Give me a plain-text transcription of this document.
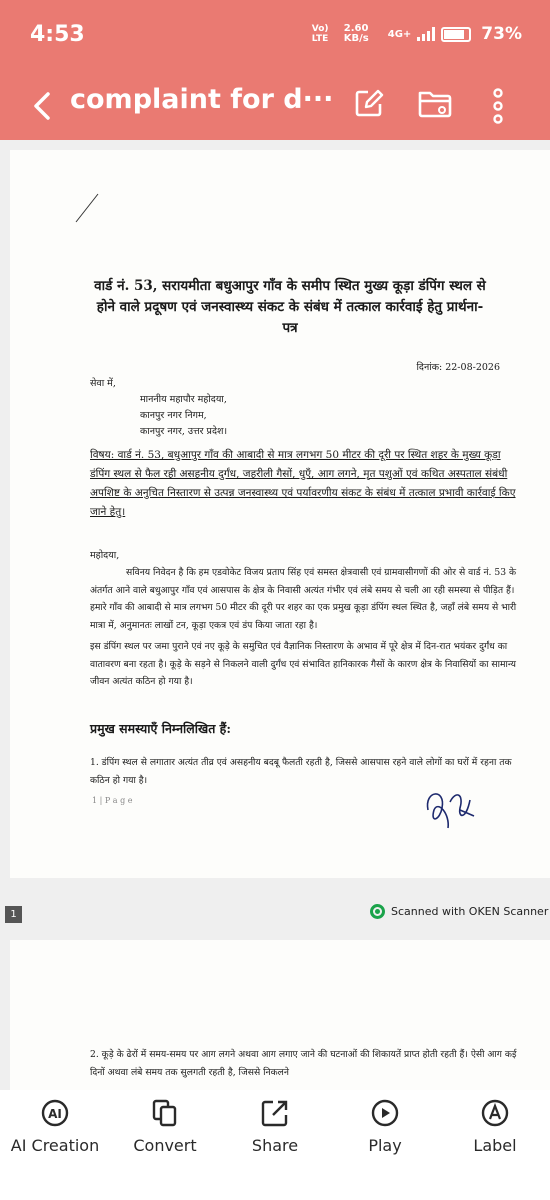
4:53	Vo) LTE
2.60 KB/s	4G+	73%
complaint for d···
वार्ड नं. 53, सरायमीता बधुआपुर गाँव के समीप स्थित मुख्य कूड़ा डंपिंग स्थल से होने वाले प्रदूषण एवं जनस्वास्थ्य संकट के संबंध में तत्काल कार्रवाई हेतु प्रार्थना-पत्र
दिनांक: 22-08-2026
सेवा में,
माननीय महापौर महोदया,
कानपुर नगर निगम,
कानपुर नगर, उत्तर प्रदेश।
विषय: वार्ड नं. 53, बधुआपुर गाँव की आबादी से मात्र लगभग 50 मीटर की दूरी पर स्थित शहर के मुख्य कूड़ा डंपिंग स्थल से फैल रही असहनीय दुर्गंध, जहरीली गैसों, धुएँ, आग लगने, मृत पशुओं एवं कथित अस्पताल संबंधी अपशिष्ट के अनुचित निस्तारण से उत्पन्न जनस्वास्थ्य एवं पर्यावरणीय संकट के संबंध में तत्काल प्रभावी कार्रवाई किए जाने हेतु।
महोदया,
सविनय निवेदन है कि हम एडवोकेट विजय प्रताप सिंह एवं समस्त क्षेत्रवासी एवं ग्रामवासीगणों की ओर से वार्ड नं. 53 के अंतर्गत आने वाले बधुआपुर गाँव एवं आसपास के क्षेत्र के निवासी अत्यंत गंभीर एवं लंबे समय से चली आ रही समस्या से पीड़ित हैं। हमारे गाँव की आबादी से मात्र लगभग 50 मीटर की दूरी पर शहर का एक प्रमुख कूड़ा डंपिंग स्थल स्थित है, जहाँ लंबे समय से भारी मात्रा में, अनुमानतः लाखों टन, कूड़ा एकत्र एवं डंप किया जाता रहा है।
इस डंपिंग स्थल पर जमा पुराने एवं नए कूड़े के समुचित एवं वैज्ञानिक निस्तारण के अभाव में पूरे क्षेत्र में दिन-रात भयंकर दुर्गंध का वातावरण बना रहता है। कूड़े के सड़ने से निकलने वाली दुर्गंध एवं संभावित हानिकारक गैसों के कारण क्षेत्र के निवासियों का सामान्य जीवन अत्यंत कठिन हो गया है।
प्रमुख समस्याएँ निम्नलिखित हैं:
1. डंपिंग स्थल से लगातार अत्यंत तीव्र एवं असहनीय बदबू फैलती रहती है, जिससे आसपास रहने वाले लोगों का घरों में रहना तक कठिन हो गया है।
1 | P a g e
1	Scanned with OKEN Scanner
2. कूड़े के ढेरों में समय-समय पर आग लगने अथवा आग लगाए जाने की घटनाओं की शिकायतें प्राप्त होती रहती हैं। ऐसी आग कई दिनों अथवा लंबे समय तक सुलगती रहती है, जिससे निकलने
AI
AI Creation	Convert	Share	Play	Label
